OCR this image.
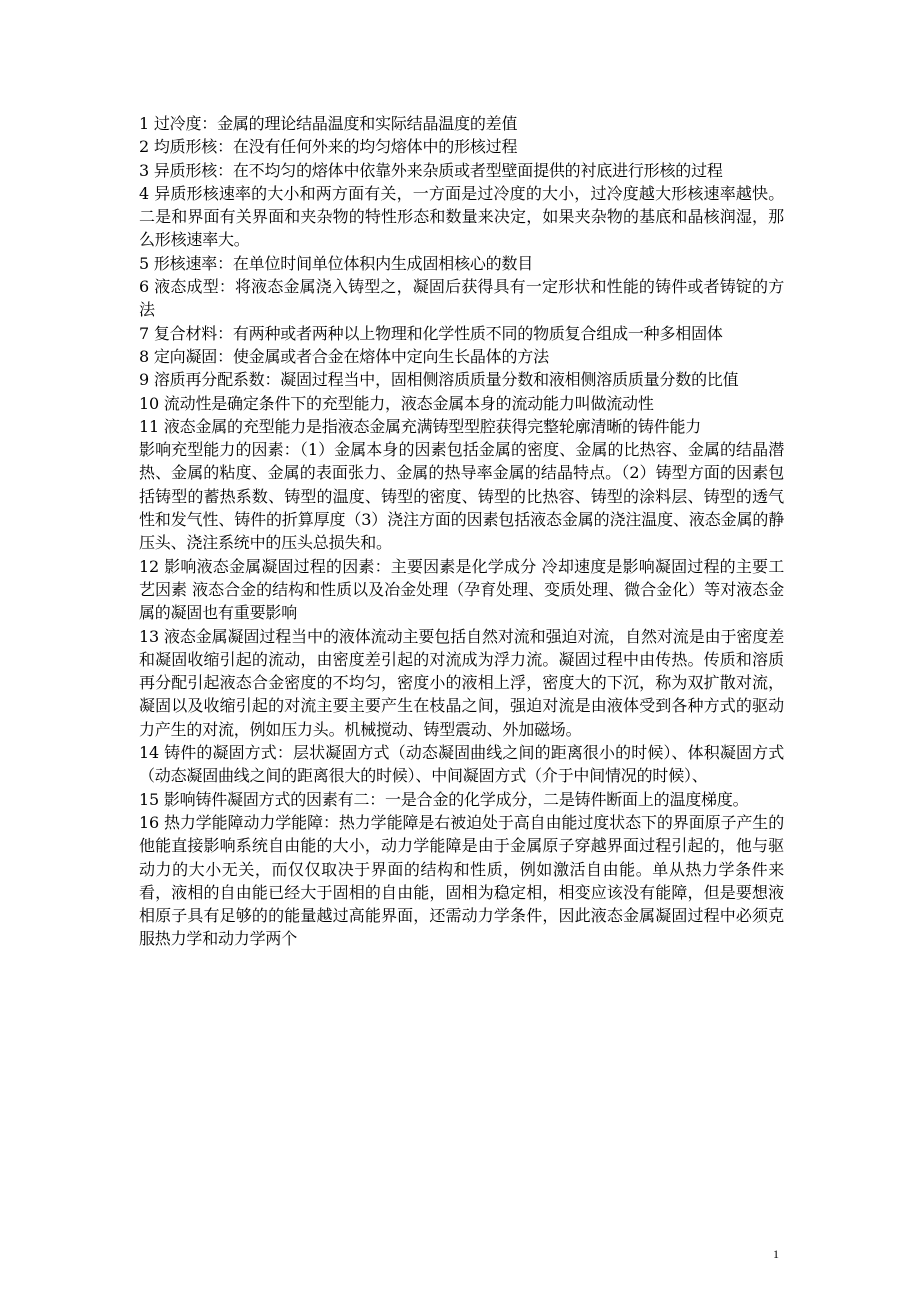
1 过冷度：金属的理论结晶温度和实际结晶温度的差值

2 均质形核：在没有任何外来的均匀熔体中的形核过程

3 异质形核：在不均匀的熔体中依靠外来杂质或者型壁面提供的衬底进行形核的过程

4 异质形核速率的大小和两方面有关，一方面是过冷度的大小，过冷度越大形核速率越快。二是和界面有关界面和夹杂物的特性形态和数量来决定，如果夹杂物的基底和晶核润湿，那么形核速率大。

5 形核速率：在单位时间单位体积内生成固相核心的数目

6 液态成型：将液态金属浇入铸型之，凝固后获得具有一定形状和性能的铸件或者铸锭的方法

7 复合材料：有两种或者两种以上物理和化学性质不同的物质复合组成一种多相固体

8 定向凝固：使金属或者合金在熔体中定向生长晶体的方法

9 溶质再分配系数：凝固过程当中，固相侧溶质质量分数和液相侧溶质质量分数的比值

10 流动性是确定条件下的充型能力，液态金属本身的流动能力叫做流动性

11 液态金属的充型能力是指液态金属充满铸型型腔获得完整轮廓清晰的铸件能力

影响充型能力的因素：（1）金属本身的因素包括金属的密度、金属的比热容、金属的结晶潜热、金属的粘度、金属的表面张力、金属的热导率金属的结晶特点。（2）铸型方面的因素包括铸型的蓄热系数、铸型的温度、铸型的密度、铸型的比热容、铸型的涂料层、铸型的透气性和发气性、铸件的折算厚度（3）浇注方面的因素包括液态金属的浇注温度、液态金属的静压头、浇注系统中的压头总损失和。

12 影响液态金属凝固过程的因素：主要因素是化学成分 冷却速度是影响凝固过程的主要工艺因素 液态合金的结构和性质以及冶金处理（孕育处理、变质处理、微合金化）等对液态金属的凝固也有重要影响

13 液态金属凝固过程当中的液体流动主要包括自然对流和强迫对流，自然对流是由于密度差和凝固收缩引起的流动，由密度差引起的对流成为浮力流。凝固过程中由传热。传质和溶质再分配引起液态合金密度的不均匀，密度小的液相上浮，密度大的下沉，称为双扩散对流，凝固以及收缩引起的对流主要主要产生在枝晶之间，强迫对流是由液体受到各种方式的驱动力产生的对流，例如压力头。机械搅动、铸型震动、外加磁场。

14 铸件的凝固方式：层状凝固方式（动态凝固曲线之间的距离很小的时候）、体积凝固方式（动态凝固曲线之间的距离很大的时候）、中间凝固方式（介于中间情况的时候）、

15 影响铸件凝固方式的因素有二：一是合金的化学成分，二是铸件断面上的温度梯度。

16 热力学能障动力学能障：热力学能障是右被迫处于高自由能过度状态下的界面原子产生的他能直接影响系统自由能的大小，动力学能障是由于金属原子穿越界面过程引起的，他与驱动力的大小无关，而仅仅取决于界面的结构和性质，例如激活自由能。单从热力学条件来看，液相的自由能已经大于固相的自由能，固相为稳定相，相变应该没有能障，但是要想液相原子具有足够的的能量越过高能界面，还需动力学条件，因此液态金属凝固过程中必须克服热力学和动力学两个

1
